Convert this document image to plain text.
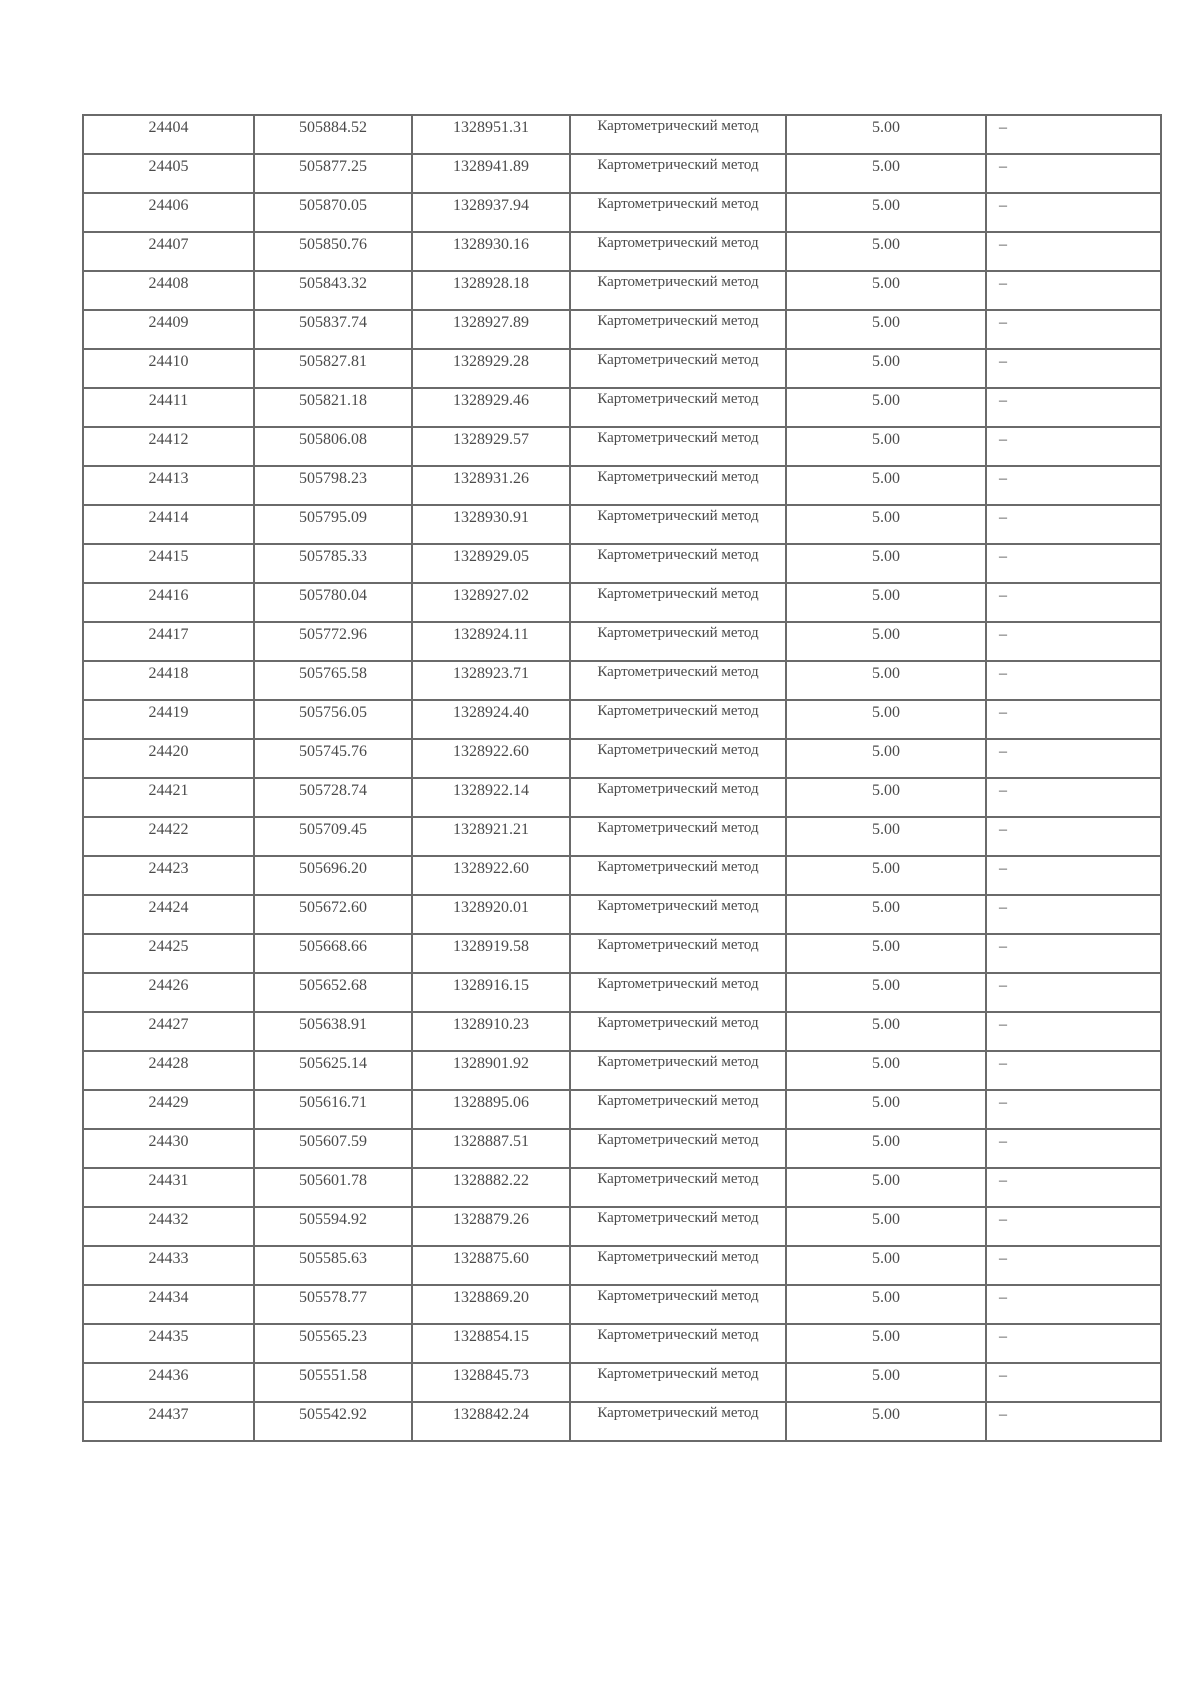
24404	505884.52	1328951.31	Картометрический метод	5.00	–
24405	505877.25	1328941.89	Картометрический метод	5.00	–
24406	505870.05	1328937.94	Картометрический метод	5.00	–
24407	505850.76	1328930.16	Картометрический метод	5.00	–
24408	505843.32	1328928.18	Картометрический метод	5.00	–
24409	505837.74	1328927.89	Картометрический метод	5.00	–
24410	505827.81	1328929.28	Картометрический метод	5.00	–
24411	505821.18	1328929.46	Картометрический метод	5.00	–
24412	505806.08	1328929.57	Картометрический метод	5.00	–
24413	505798.23	1328931.26	Картометрический метод	5.00	–
24414	505795.09	1328930.91	Картометрический метод	5.00	–
24415	505785.33	1328929.05	Картометрический метод	5.00	–
24416	505780.04	1328927.02	Картометрический метод	5.00	–
24417	505772.96	1328924.11	Картометрический метод	5.00	–
24418	505765.58	1328923.71	Картометрический метод	5.00	–
24419	505756.05	1328924.40	Картометрический метод	5.00	–
24420	505745.76	1328922.60	Картометрический метод	5.00	–
24421	505728.74	1328922.14	Картометрический метод	5.00	–
24422	505709.45	1328921.21	Картометрический метод	5.00	–
24423	505696.20	1328922.60	Картометрический метод	5.00	–
24424	505672.60	1328920.01	Картометрический метод	5.00	–
24425	505668.66	1328919.58	Картометрический метод	5.00	–
24426	505652.68	1328916.15	Картометрический метод	5.00	–
24427	505638.91	1328910.23	Картометрический метод	5.00	–
24428	505625.14	1328901.92	Картометрический метод	5.00	–
24429	505616.71	1328895.06	Картометрический метод	5.00	–
24430	505607.59	1328887.51	Картометрический метод	5.00	–
24431	505601.78	1328882.22	Картометрический метод	5.00	–
24432	505594.92	1328879.26	Картометрический метод	5.00	–
24433	505585.63	1328875.60	Картометрический метод	5.00	–
24434	505578.77	1328869.20	Картометрический метод	5.00	–
24435	505565.23	1328854.15	Картометрический метод	5.00	–
24436	505551.58	1328845.73	Картометрический метод	5.00	–
24437	505542.92	1328842.24	Картометрический метод	5.00	–
